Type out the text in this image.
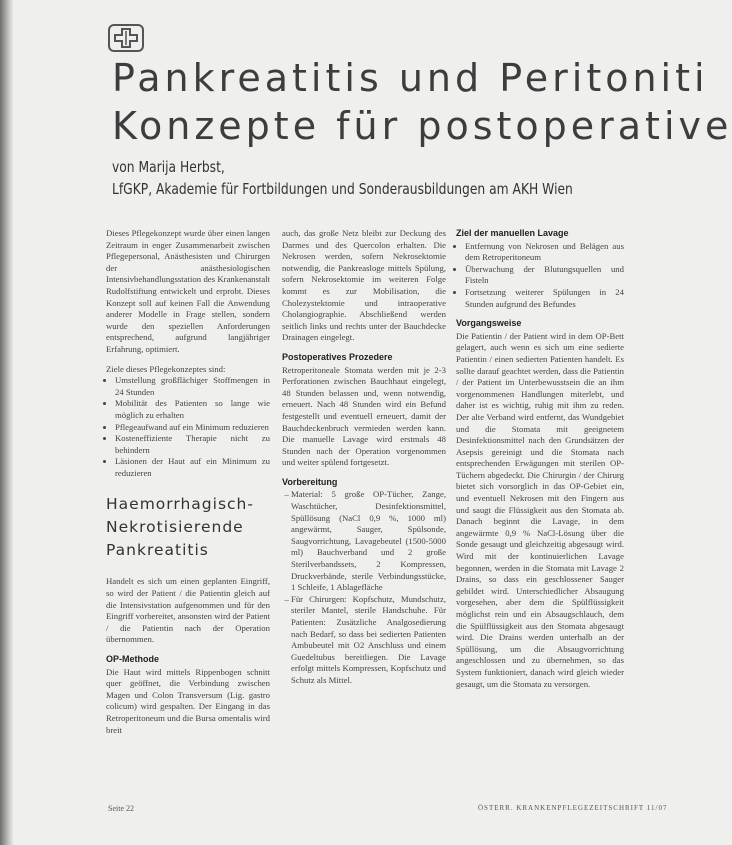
Pankreatitis und Peritoniti
Konzepte für postoperative
von Marija Herbst,
LfGKP, Akademie für Fortbildungen und Sonderausbildungen am AKH Wien

Dieses Pflegekonzept wurde über einen langen Zeitraum in enger Zusammenarbeit zwischen Pflegepersonal, Anästhesisten und Chirurgen der anästhesiologischen Intensivbehandlungsstation des Krankenanstalt Rudolfstiftung entwickelt und erprobt. Dieses Konzept soll auf keinen Fall die Anwendung anderer Modelle in Frage stellen, sondern wurde den speziellen Anforderungen entsprechend, aufgrund langjähriger Erfahrung, optimiert.

Ziele dieses Pflegekonzeptes sind:

• Umstellung großflächiger Stoffmengen in 24 Stunden
• Mobilität des Patienten so lange wie möglich zu erhalten
• Pflegeaufwand auf ein Minimum reduzieren
• Kosteneffiziente Therapie nicht zu behindern
• Läsionen der Haut auf ein Minimum zu reduzieren
Haemorrhagisch-Nekrotisierende Pankreatitis

Handelt es sich um einen geplanten Eingriff, so wird der Patient / die Patientin gleich auf die Intensivstation aufgenommen und für den Eingriff vorbereitet, ansonsten wird der Patient / die Patientin nach der Operation übernommen.

OP-Methode

Die Haut wird mittels Rippenbogen schnitt quer geöffnet, die Verbindung zwischen Magen und Colon Transversum (Lig. gastro colicum) wird gespalten. Der Eingang in das Retroperitoneum und die Bursa omentalis wird breit

auch, das große Netz bleibt zur Deckung des Darmes und des Quercolon erhalten. Die Nekrosen werden, sofern Nekrosektomie notwendig, die Pankreasloge mittels Spülung, sofern Nekrosektomie im weiteren Folge kommt es zur Mobilisation, die Cholezystektomie und intraoperative Cholangiographie. Abschließend werden seitlich links und rechts unter der Bauchdecke Drainagen eingelegt.

Postoperatives Prozedere

Retroperitoneale Stomata werden mit je 2-3 Perforationen zwischen Bauchhaut eingelegt, 48 Stunden belassen und, wenn notwendig, erneuert. Nach 48 Stunden wird ein Befund festgestellt und eventuell erneuert, damit der Bauchdeckenbruch vermieden werden kann. Die manuelle Lavage wird erstmals 48 Stunden nach der Operation vorgenommen und weiter spülend fortgesetzt.

Vorbereitung
– Material: 5 große OP-Tücher, Zange, Waschtücher, Desinfektionsmittel, Spüllösung (NaCl 0,9 %, 1000 ml) angewärmt, Sauger, Spülsonde, Saugvorrichtung, Lavagebeutel (1500-5000 ml) Bauchverband und 2 große Sterilverbandssets, 2 Kompressen, Druckverbände, sterile Verbindungsstücke, 1 Schleife, 1 Ablagefläche
– Für Chirurgen: Kopfschutz, Mundschutz, steriler Mantel, sterile Handschuhe. Für Patienten: Zusätzliche Analgosedierung nach Bedarf, so dass bei sedierten Patienten Ambubeutel mit O2 Anschluss und einem Guedeltubus bereitliegen. Die Lavage erfolgt mittels Kompressen, Kopfschutz und Schutz als Mittel.
Ziel der manuellen Lavage
• Entfernung von Nekrosen und Belägen aus dem Retroperitoneum
• Überwachung der Blutungsquellen und Fisteln
• Fortsetzung weiterer Spülungen in 24 Stunden aufgrund des Befundes
Vorgangsweise

Die Patientin / der Patient wird in dem OP-Bett gelagert, auch wenn es sich um eine sedierte Patientin / einen sedierten Patienten handelt. Es sollte darauf geachtet werden, dass die Patientin / der Patient im Unterbewusstsein die an ihm vorgenommenen Handlungen miterlebt, und daher ist es wichtig, ruhig mit ihm zu reden. Der alte Verband wird entfernt, das Wundgebiet und die Stomata mit geeignetem Desinfektionsmittel nach den Grundsätzen der Asepsis gereinigt und die Stomata nach entsprechenden Erwägungen mit sterilen OP-Tüchern abgedeckt. Die Chirurgin / der Chirurg bietet sich vorsorglich in das OP-Gebiet ein, und eventuell Nekrosen mit den Fingern aus und saugt die Flüssigkeit aus den Stomata ab. Danach beginnt die Lavage, in dem angewärmte 0,9 % NaCl-Lösung über die Sonde gesaugt und gleichzeitig abgesaugt wird. Wird mit der kontinuierlichen Lavage begonnen, werden in die Stomata mit Lavage 2 Drains, so dass ein geschlossener Sauger gebildet wird. Unterschiedlicher Absaugung vorgesehen, aber dem die Spülflüssigkeit möglichst rein und ein Absaugschlauch, dem die Spülflüssigkeit aus den Stomata abgesaugt wird. Die Drains werden unterhalb an der Spüllösung, um die Absaugvorrichtung angeschlossen und zu übernehmen, so das System funktioniert, danach wird gleich wieder gesaugt, um die Stomata zu versorgen.

Seite 22	ÖSTERR. KRANKENPFLEGEZEITSCHRIFT 11/07
